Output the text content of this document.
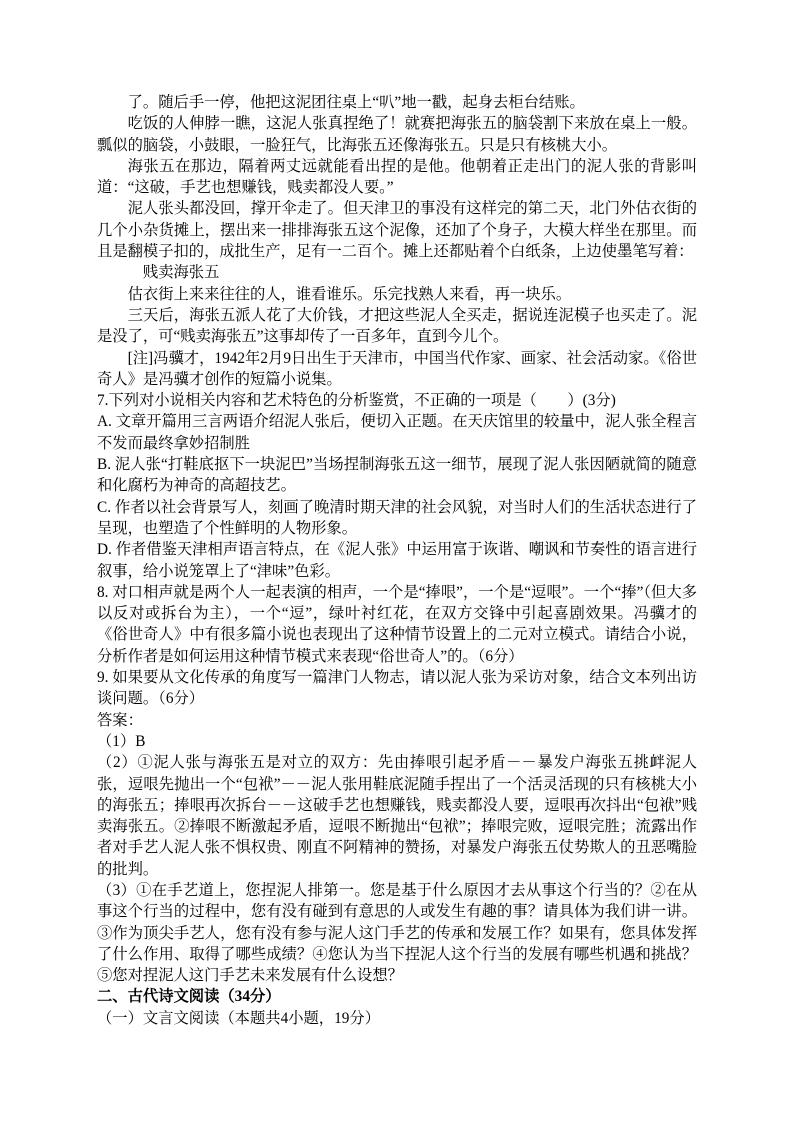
了。随后手一停，他把这泥团往桌上“叭”地一戳，起身去柜台结账。

吃饭的人伸脖一瞧，这泥人张真捏绝了！就赛把海张五的脑袋割下来放在桌上一般。瓢似的脑袋，小鼓眼，一脸狂气，比海张五还像海张五。只是只有核桃大小。

海张五在那边，隔着两丈远就能看出捏的是他。他朝着正走出门的泥人张的背影叫道：“这破，手艺也想赚钱，贱卖都没人要。”

泥人张头都没回，撑开伞走了。但天津卫的事没有这样完的第二天，北门外估衣街的几个小杂货摊上，摆出来一排排海张五这个泥像，还加了个身子，大模大样坐在那里。而且是翻模子扣的，成批生产，足有一二百个。摊上还都贴着个白纸条，上边使墨笔写着：

贱卖海张五

估衣街上来来往往的人，谁看谁乐。乐完找熟人来看，再一块乐。

三天后，海张五派人花了大价钱，才把这些泥人全买走，据说连泥模子也买走了。泥是没了，可“贱卖海张五”这事却传了一百多年，直到今儿个。

[注]冯骥才，1942年2月9日出生于天津市，中国当代作家、画家、社会活动家。《俗世奇人》是冯骥才创作的短篇小说集。

7.下列对小说相关内容和艺术特色的分析鉴赏，不正确的一项是（　　）(3分)

A. 文章开篇用三言两语介绍泥人张后，便切入正题。在天庆馆里的较量中，泥人张全程言不发而最终拿妙招制胜

B. 泥人张“打鞋底抠下一块泥巴”当场捏制海张五这一细节，展现了泥人张因陋就简的随意和化腐朽为神奇的高超技艺。

C. 作者以社会背景写人，刻画了晚清时期天津的社会风貌，对当时人们的生活状态进行了呈现，也塑造了个性鲜明的人物形象。

D. 作者借鉴天津相声语言特点，在《泥人张》中运用富于诙谐、嘲讽和节奏性的语言进行叙事，给小说笼罩上了“津味”色彩。

8. 对口相声就是两个人一起表演的相声，一个是“捧哏”，一个是“逗哏”。一个“捧”（但大多以反对或拆台为主），一个“逗”，绿叶衬红花，在双方交锋中引起喜剧效果。冯骥才的《俗世奇人》中有很多篇小说也表现出了这种情节设置上的二元对立模式。请结合小说，分析作者是如何运用这种情节模式来表现“俗世奇人”的。（6分）

9. 如果要从文化传承的角度写一篇津门人物志，请以泥人张为采访对象，结合文本列出访谈问题。（6分）

答案：

（1）B

（2）①泥人张与海张五是对立的双方：先由捧哏引起矛盾－－暴发户海张五挑衅泥人张，逗哏先抛出一个“包袱”－－泥人张用鞋底泥随手捏出了一个活灵活现的只有核桃大小的海张五；捧哏再次拆台－－这破手艺也想赚钱，贱卖都没人要，逗哏再次抖出“包袱”贱卖海张五。②捧哏不断激起矛盾，逗哏不断抛出“包袱”；捧哏完败，逗哏完胜；流露出作者对手艺人泥人张不惧权贵、刚直不阿精神的赞扬，对暴发户海张五仗势欺人的丑恶嘴脸的批判。

（3）①在手艺道上，您捏泥人排第一。您是基于什么原因才去从事这个行当的？②在从事这个行当的过程中，您有没有碰到有意思的人或发生有趣的事？请具体为我们讲一讲。③作为顶尖手艺人，您有没有参与泥人这门手艺的传承和发展工作？如果有，您具体发挥了什么作用、取得了哪些成绩？④您认为当下捏泥人这个行当的发展有哪些机遇和挑战？⑤您对捏泥人这门手艺未来发展有什么设想？

二、古代诗文阅读（34分）

（一）文言文阅读（本题共4小题，19分）
